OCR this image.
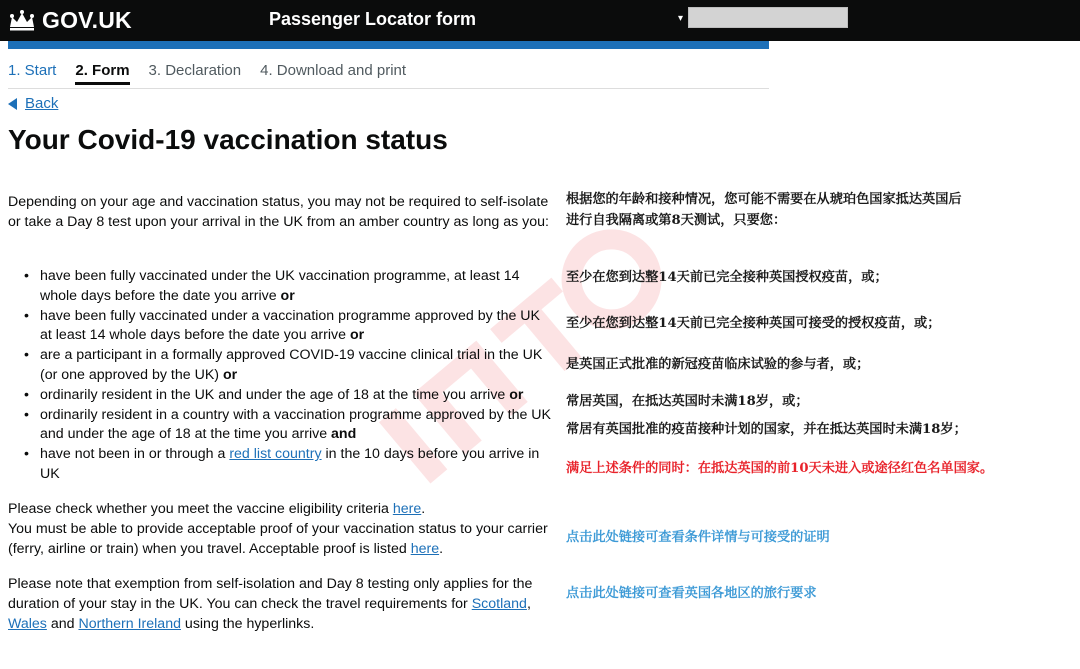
GOV.UK	Passenger Locator form	▾
1. Start 2. Form 3. Declaration 4. Download and print
Back
Your Covid-19 vaccination status

Depending on your age and vaccination status, you may not be required to self-isolate or take a Day 8 test upon your arrival in the UK from an amber country as long as you:

• have been fully vaccinated under the UK vaccination programme, at least 14 whole days before the date you arrive or
• have been fully vaccinated under a vaccination programme approved by the UK at least 14 whole days before the date you arrive or
• are a participant in a formally approved COVID-19 vaccine clinical trial in the UK (or one approved by the UK) or
• ordinarily resident in the UK and under the age of 18 at the time you arrive or
• ordinarily resident in a country with a vaccination programme approved by the UK and under the age of 18 at the time you arrive and
• have not been in or through a red list country in the 10 days before you arrive in UK

Please check whether you meet the vaccine eligibility criteria here.
You must be able to provide acceptable proof of your vaccination status to your carrier (ferry, airline or train) when you travel. Acceptable proof is listed here.

Please note that exemption from self-isolation and Day 8 testing only applies for the duration of your stay in the UK. You can check the travel requirements for Scotland, Wales and Northern Ireland using the hyperlinks.

根据您的年龄和接种情况，您可能不需要在从琥珀色国家抵达英国后
进行自我隔离或第8天测试，只要您：
至少在您到达整14天前已完全接种英国授权疫苗，或；
至少在您到达整14天前已完全接种英国可接受的授权疫苗，或；
是英国正式批准的新冠疫苗临床试验的参与者，或；
常居英国，在抵达英国时未满18岁，或；
常居有英国批准的疫苗接种计划的国家，并在抵达英国时未满18岁；
满足上述条件的同时：在抵达英国的前10天未进入或途径红色名单国家。
点击此处链接可查看条件详情与可接受的证明
点击此处链接可查看英国各地区的旅行要求
